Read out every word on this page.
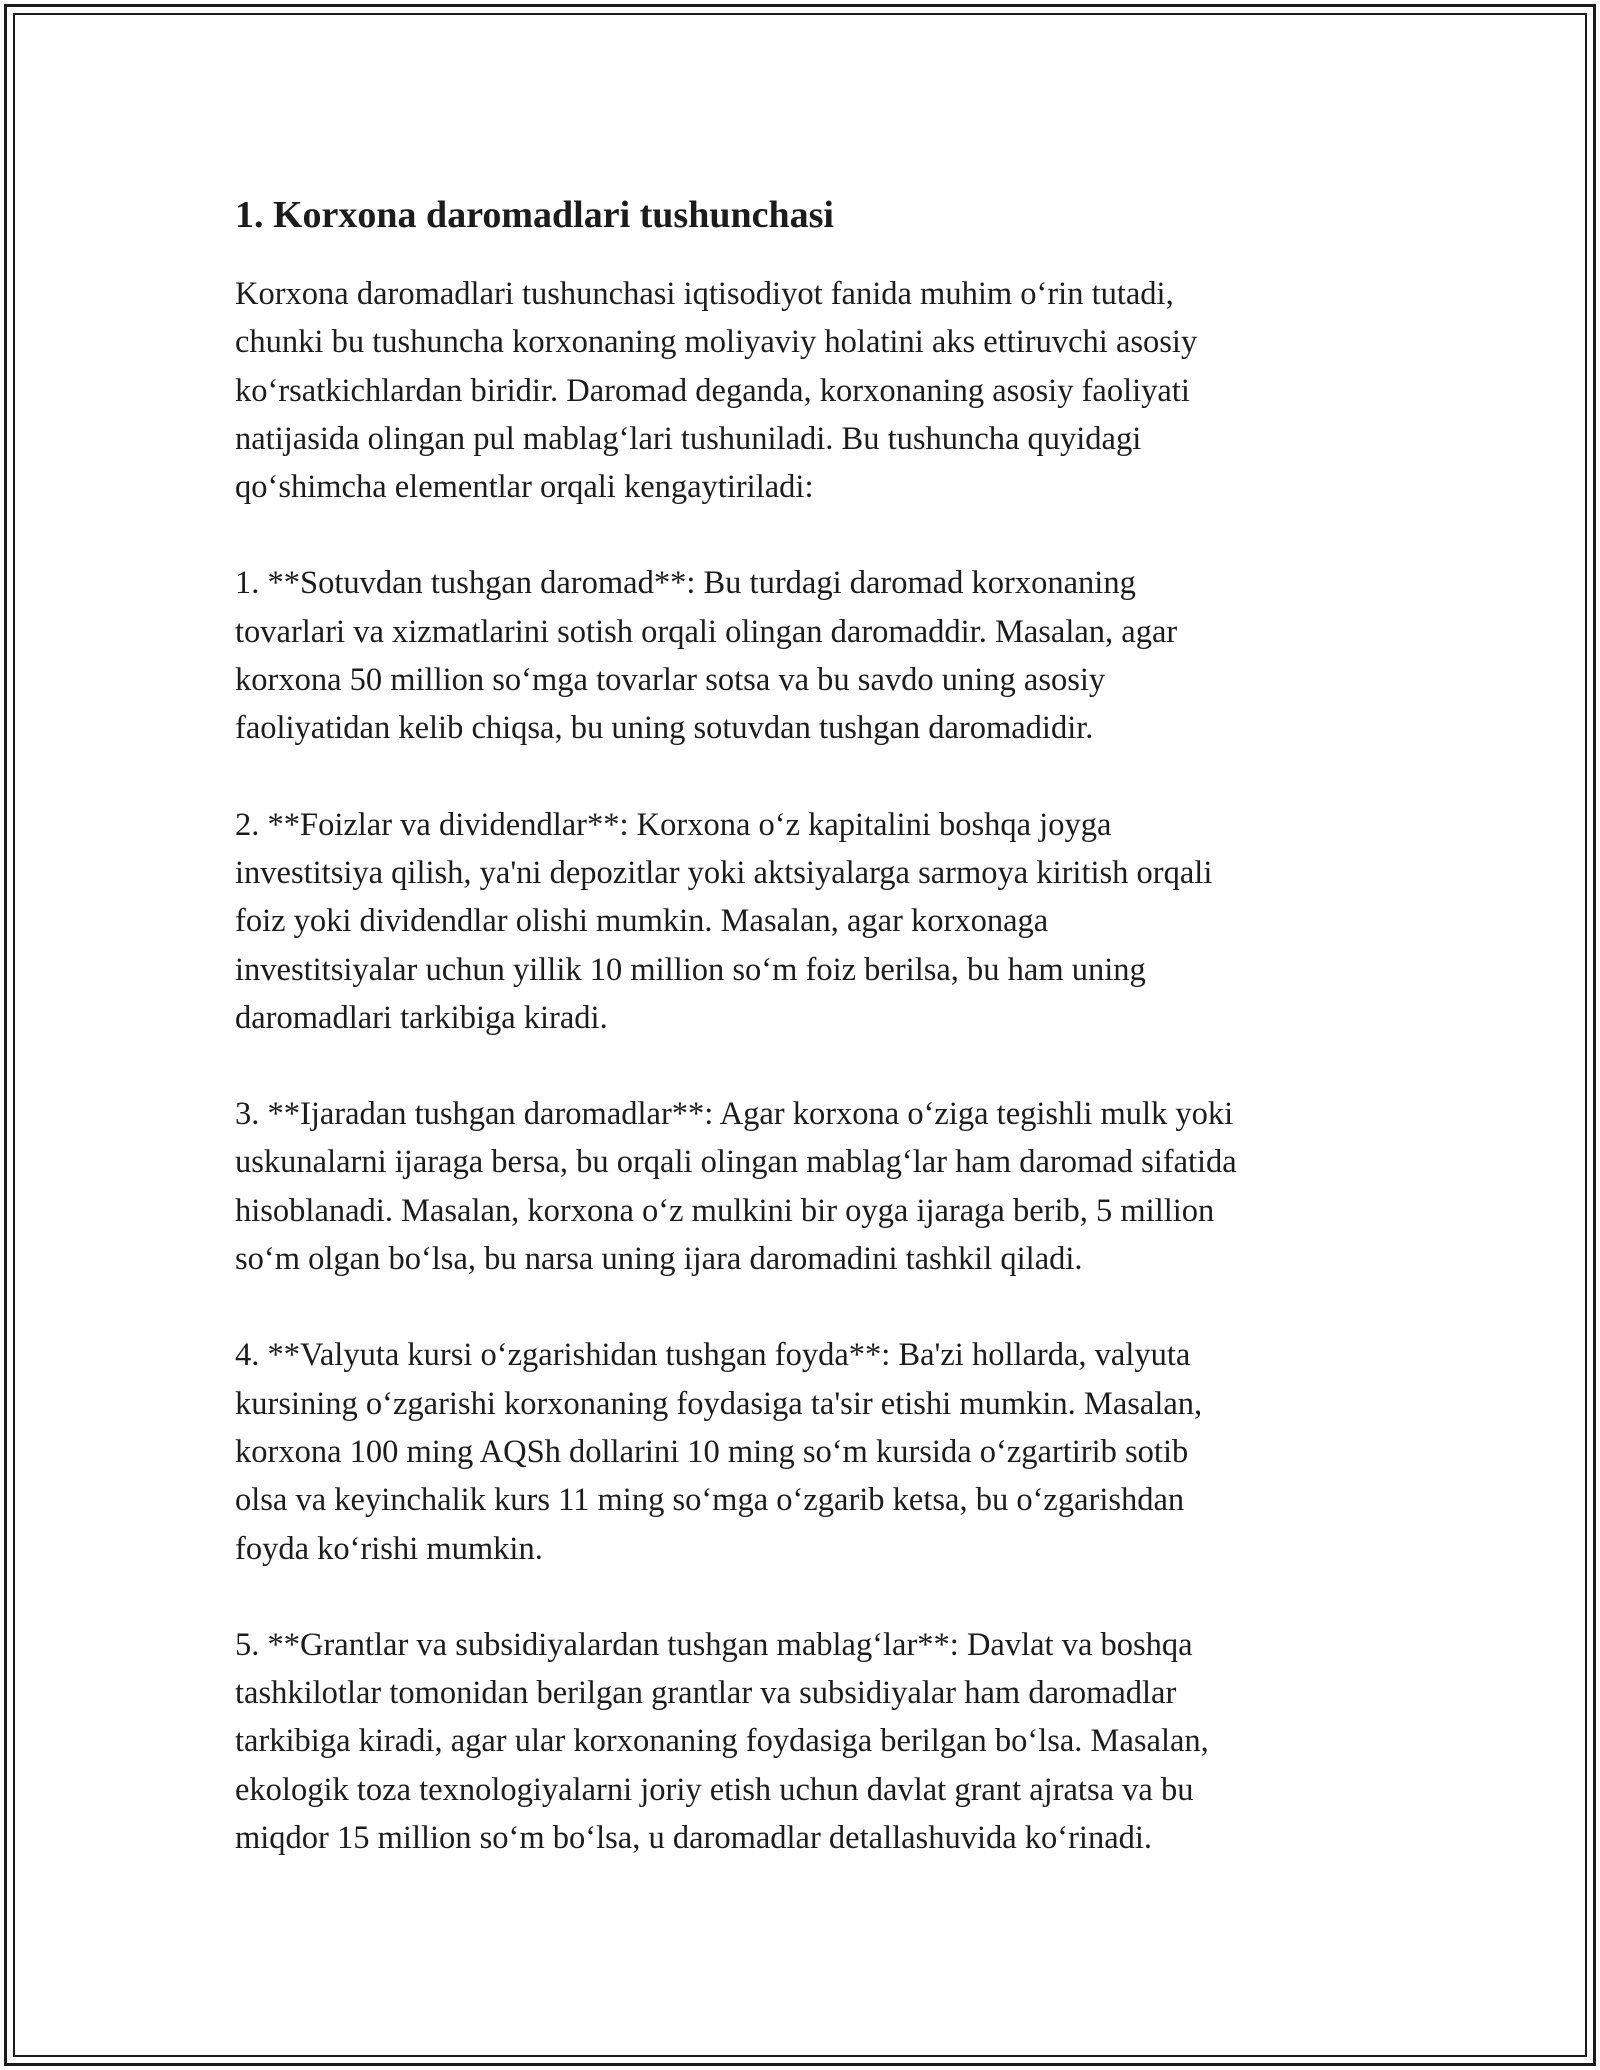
1. Korxona daromadlari tushunchasi

Korxona daromadlari tushunchasi iqtisodiyot fanida muhim oʻrin tutadi,
chunki bu tushuncha korxonaning moliyaviy holatini aks ettiruvchi asosiy
koʻrsatkichlardan biridir. Daromad deganda, korxonaning asosiy faoliyati
natijasida olingan pul mablagʻlari tushuniladi. Bu tushuncha quyidagi
qoʻshimcha elementlar orqali kengaytiriladi:

1. **Sotuvdan tushgan daromad**: Bu turdagi daromad korxonaning
tovarlari va xizmatlarini sotish orqali olingan daromaddir. Masalan, agar
korxona 50 million soʻmga tovarlar sotsa va bu savdo uning asosiy
faoliyatidan kelib chiqsa, bu uning sotuvdan tushgan daromadidir.

2. **Foizlar va dividendlar**: Korxona oʻz kapitalini boshqa joyga
investitsiya qilish, ya'ni depozitlar yoki aktsiyalarga sarmoya kiritish orqali
foiz yoki dividendlar olishi mumkin. Masalan, agar korxonaga
investitsiyalar uchun yillik 10 million soʻm foiz berilsa, bu ham uning
daromadlari tarkibiga kiradi.

3. **Ijaradan tushgan daromadlar**: Agar korxona oʻziga tegishli mulk yoki
uskunalarni ijaraga bersa, bu orqali olingan mablagʻlar ham daromad sifatida
hisoblanadi. Masalan, korxona oʻz mulkini bir oyga ijaraga berib, 5 million
soʻm olgan boʻlsa, bu narsa uning ijara daromadini tashkil qiladi.

4. **Valyuta kursi oʻzgarishidan tushgan foyda**: Ba'zi hollarda, valyuta
kursining oʻzgarishi korxonaning foydasiga ta'sir etishi mumkin. Masalan,
korxona 100 ming AQSh dollarini 10 ming soʻm kursida oʻzgartirib sotib
olsa va keyinchalik kurs 11 ming soʻmga oʻzgarib ketsa, bu oʻzgarishdan
foyda koʻrishi mumkin.

5. **Grantlar va subsidiyalardan tushgan mablagʻlar**: Davlat va boshqa
tashkilotlar tomonidan berilgan grantlar va subsidiyalar ham daromadlar
tarkibiga kiradi, agar ular korxonaning foydasiga berilgan boʻlsa. Masalan,
ekologik toza texnologiyalarni joriy etish uchun davlat grant ajratsa va bu
miqdor 15 million soʻm boʻlsa, u daromadlar detallashuvida koʻrinadi.
